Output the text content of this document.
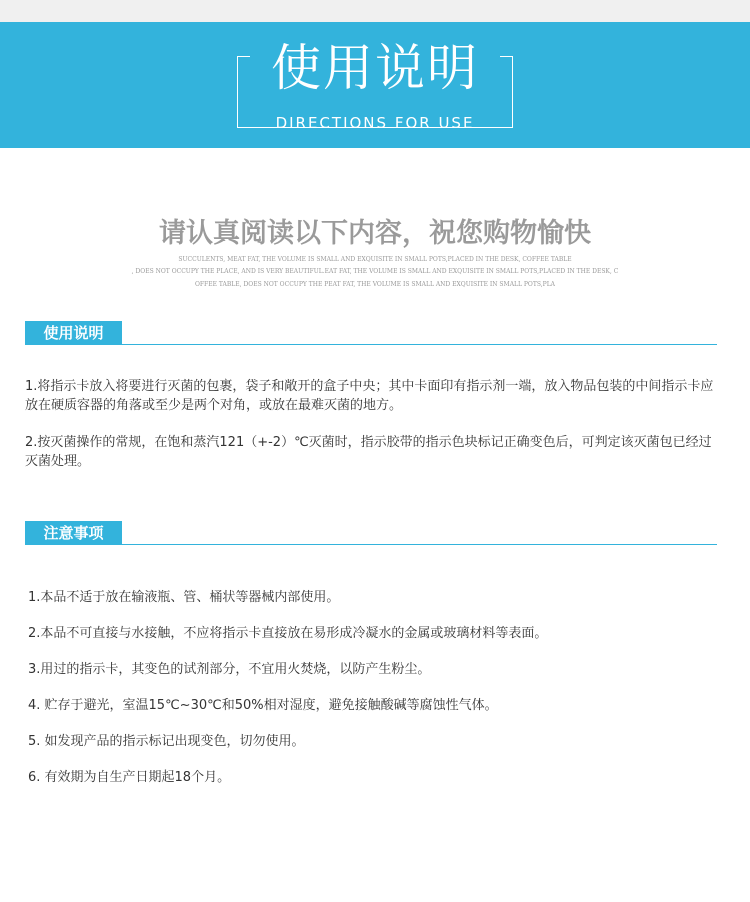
使用说明
DIRECTIONS FOR USE
请认真阅读以下内容，祝您购物愉快
SUCCULENTS, MEAT FAT, THE VOLUME IS SMALL AND EXQUISITE IN SMALL POTS,PLACED IN THE DESK, COFFEE TABLE
, DOES NOT OCCUPY THE PLACE, AND IS VERY BEAUTIFUL.EAT FAT, THE VOLUME IS SMALL AND EXQUISITE IN SMALL POTS,PLACED IN THE DESK, C
OFFEE TABLE, DOES NOT OCCUPY THE PEAT FAT, THE VOLUME IS SMALL AND EXQUISITE IN SMALL POTS,PLA
使用说明
1.将指示卡放入将要进行灭菌的包裹，袋子和敞开的盒子中央；其中卡面印有指示剂一端，放入物品包装的中间指示卡应放在硬质容器的角落或至少是两个对角，或放在最难灭菌的地方。
2.按灭菌操作的常规，在饱和蒸汽121（+-2）℃灭菌时，指示胶带的指示色块标记正确变色后，可判定该灭菌包已经过灭菌处理。
注意事项
1.本品不适于放在输液瓶、管、桶状等器械内部使用。
2.本品不可直接与水接触，不应将指示卡直接放在易形成冷凝水的金属或玻璃材料等表面。
3.用过的指示卡，其变色的试剂部分，不宜用火焚烧，以防产生粉尘。
4. 贮存于避光，室温15℃~30℃和50%相对湿度，避免接触酸碱等腐蚀性气体。
5. 如发现产品的指示标记出现变色，切勿使用。
6. 有效期为自生产日期起18个月。
